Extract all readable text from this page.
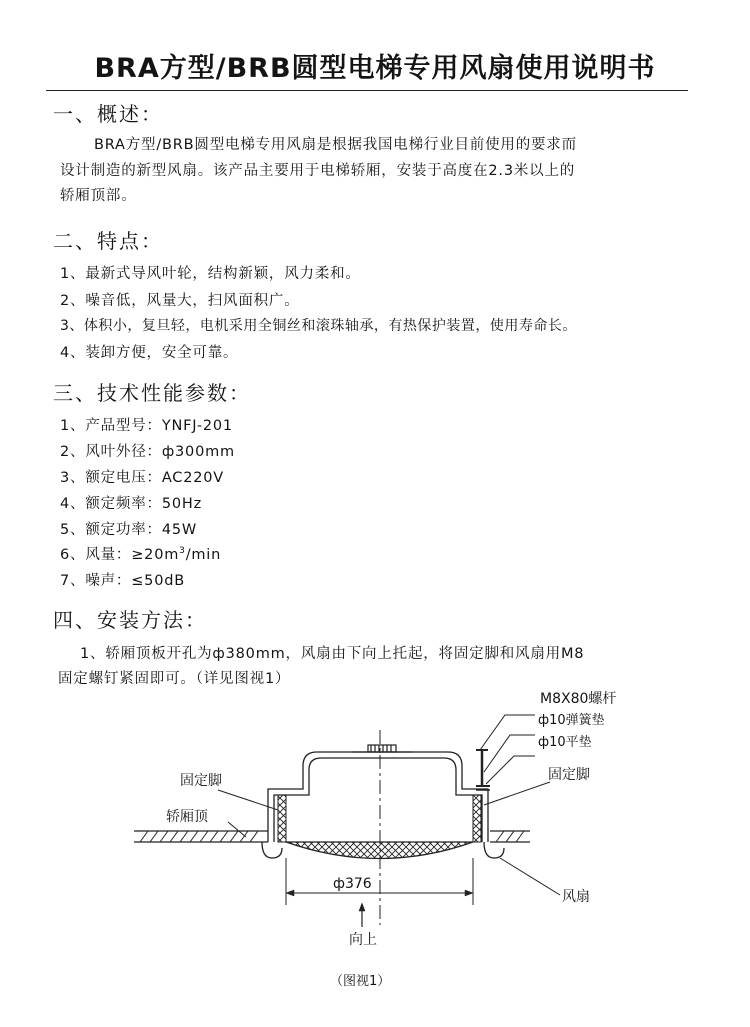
BRA方型/BRB圆型电梯专用风扇使用说明书
一、概述：
BRA方型/BRB圆型电梯专用风扇是根据我国电梯行业目前使用的要求而
设计制造的新型风扇。该产品主要用于电梯轿厢，安装于高度在2.3米以上的
轿厢顶部。
二、特点：
1、最新式导风叶轮，结构新颖，风力柔和。
2、噪音低，风量大，扫风面积广。
3、体积小，复旦轻，电机采用全铜丝和滚珠轴承，有热保护装置，使用寿命长。
4、装卸方便，安全可靠。
三、技术性能参数：
1、产品型号：YNFJ-201
2、风叶外径：ф300mm
3、额定电压：AC220V
4、额定频率：50Hz
5、额定功率：45W
6、风量：$\ge 20m^3/\min$
7、噪声：≤50dB
四、安装方法：
1、轿厢顶板开孔为ф380mm，风扇由下向上托起，将固定脚和风扇用M8
固定螺钉紧固即可。（详见图视1）
M8X80螺杆
ф10弹簧垫
ф10平垫
固定脚
固定脚
轿厢顶
风扇
ф376
向上
（图视1）
